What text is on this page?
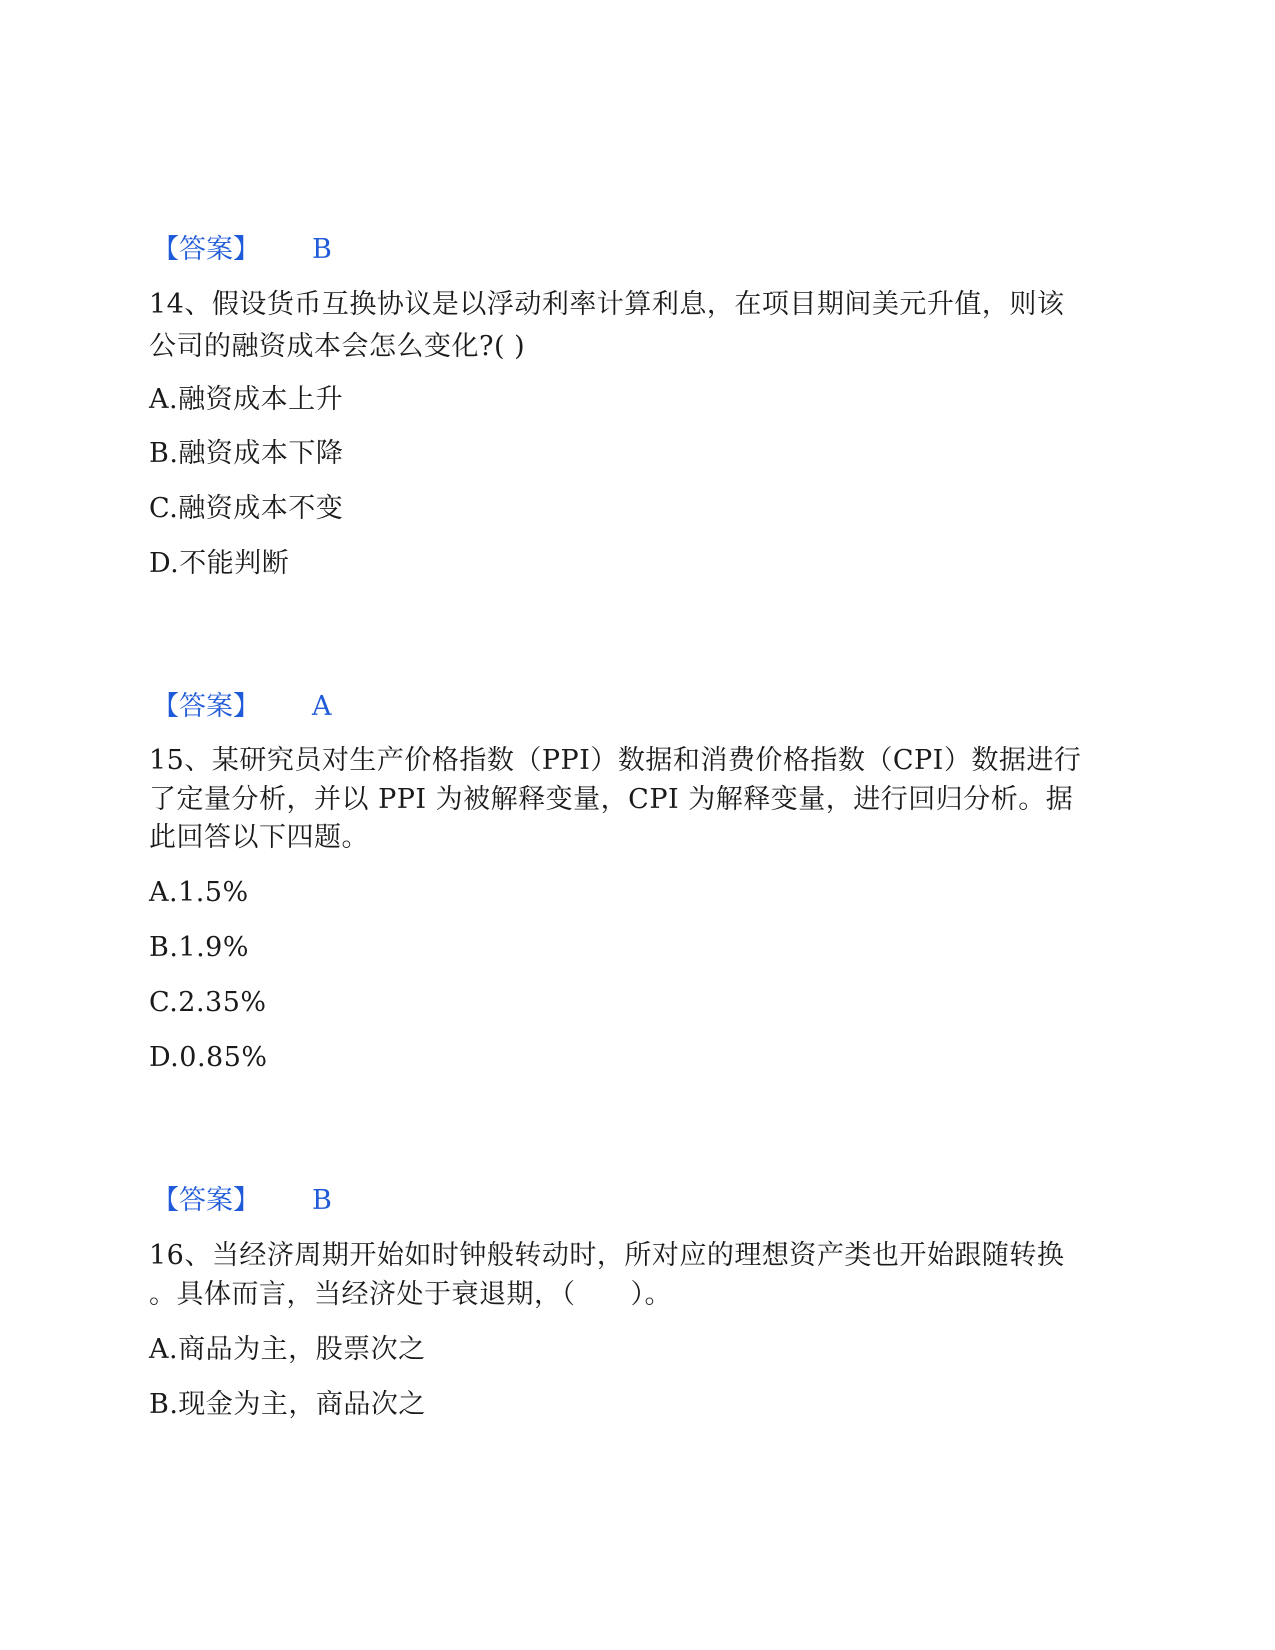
【答案】 B
14、假设货币互换协议是以浮动利率计算利息，在项目期间美元升值，则该
公司的融资成本会怎么变化?( )
A.融资成本上升
B.融资成本下降
C.融资成本不变
D.不能判断
【答案】 A
15、某研究员对生产价格指数（PPI）数据和消费价格指数（CPI）数据进行
了定量分析，并以 PPI 为被解释变量，CPI 为解释变量，进行回归分析。据
此回答以下四题。
A.1.5%
B.1.9%
C.2.35%
D.0.85%
【答案】 B
16、当经济周期开始如时钟般转动时，所对应的理想资产类也开始跟随转换
。具体而言，当经济处于衰退期，（　　）。
A.商品为主，股票次之
B.现金为主，商品次之
